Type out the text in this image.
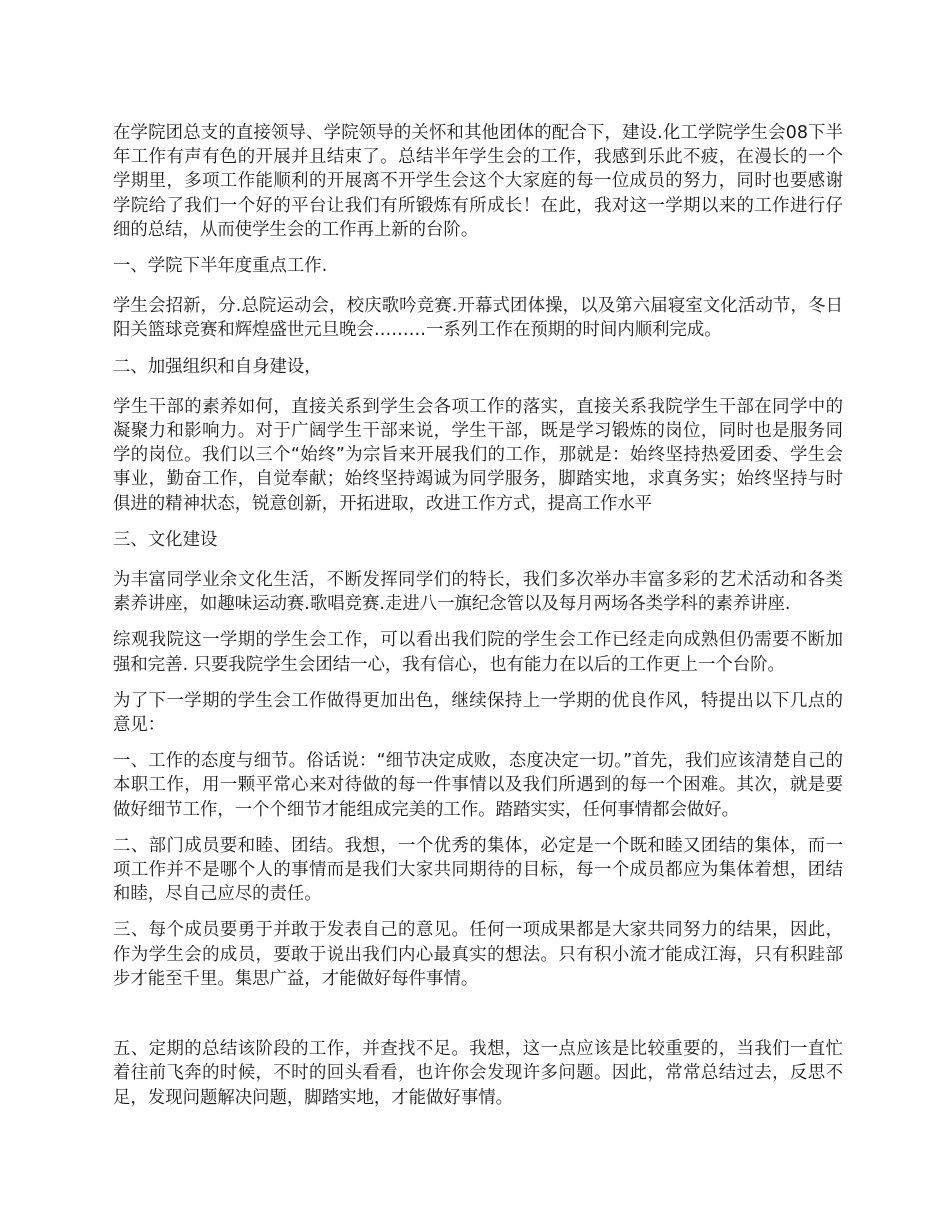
在学院团总支的直接领导、学院领导的关怀和其他团体的配合下，建设.化工学院学生会08下半年工作有声有色的开展并且结束了。总结半年学生会的工作，我感到乐此不疲，在漫长的一个学期里，多项工作能顺利的开展离不开学生会这个大家庭的每一位成员的努力，同时也要感谢学院给了我们一个好的平台让我们有所锻炼有所成长！在此，我对这一学期以来的工作进行仔细的总结，从而使学生会的工作再上新的台阶。

一、学院下半年度重点工作.

学生会招新，分.总院运动会，校庆歌吟竞赛.开幕式团体操，以及第六届寝室文化活动节，冬日阳关篮球竞赛和辉煌盛世元旦晚会………一系列工作在预期的时间内顺利完成。

二、加强组织和自身建设，

学生干部的素养如何，直接关系到学生会各项工作的落实，直接关系我院学生干部在同学中的凝聚力和影响力。对于广阔学生干部来说，学生干部，既是学习锻炼的岗位，同时也是服务同学的岗位。我们以三个“始终”为宗旨来开展我们的工作，那就是：始终坚持热爱团委、学生会事业，勤奋工作，自觉奉献；始终坚持竭诚为同学服务，脚踏实地，求真务实；始终坚持与时俱进的精神状态，锐意创新，开拓进取，改进工作方式，提高工作水平

三、文化建设

为丰富同学业余文化生活，不断发挥同学们的特长，我们多次举办丰富多彩的艺术活动和各类素养讲座，如趣味运动赛.歌唱竞赛.走进八一旗纪念管以及每月两场各类学科的素养讲座.

综观我院这一学期的学生会工作，可以看出我们院的学生会工作已经走向成熟但仍需要不断加强和完善. 只要我院学生会团结一心，我有信心，也有能力在以后的工作更上一个台阶。

为了下一学期的学生会工作做得更加出色，继续保持上一学期的优良作风，特提出以下几点的意见：

一、工作的态度与细节。俗话说：“细节决定成败，态度决定一切。”首先，我们应该清楚自己的本职工作，用一颗平常心来对待做的每一件事情以及我们所遇到的每一个困难。其次，就是要做好细节工作，一个个细节才能组成完美的工作。踏踏实实，任何事情都会做好。

二、部门成员要和睦、团结。我想，一个优秀的集体，必定是一个既和睦又团结的集体，而一项工作并不是哪个人的事情而是我们大家共同期待的目标，每一个成员都应为集体着想，团结和睦，尽自己应尽的责任。

三、每个成员要勇于并敢于发表自己的意见。任何一项成果都是大家共同努力的结果，因此，作为学生会的成员，要敢于说出我们内心最真实的想法。只有积小流才能成江海，只有积跬部步才能至千里。集思广益，才能做好每件事情。

五、定期的总结该阶段的工作，并查找不足。我想，这一点应该是比较重要的，当我们一直忙着往前飞奔的时候，不时的回头看看，也许你会发现许多问题。因此，常常总结过去，反思不足，发现问题解决问题，脚踏实地，才能做好事情。
